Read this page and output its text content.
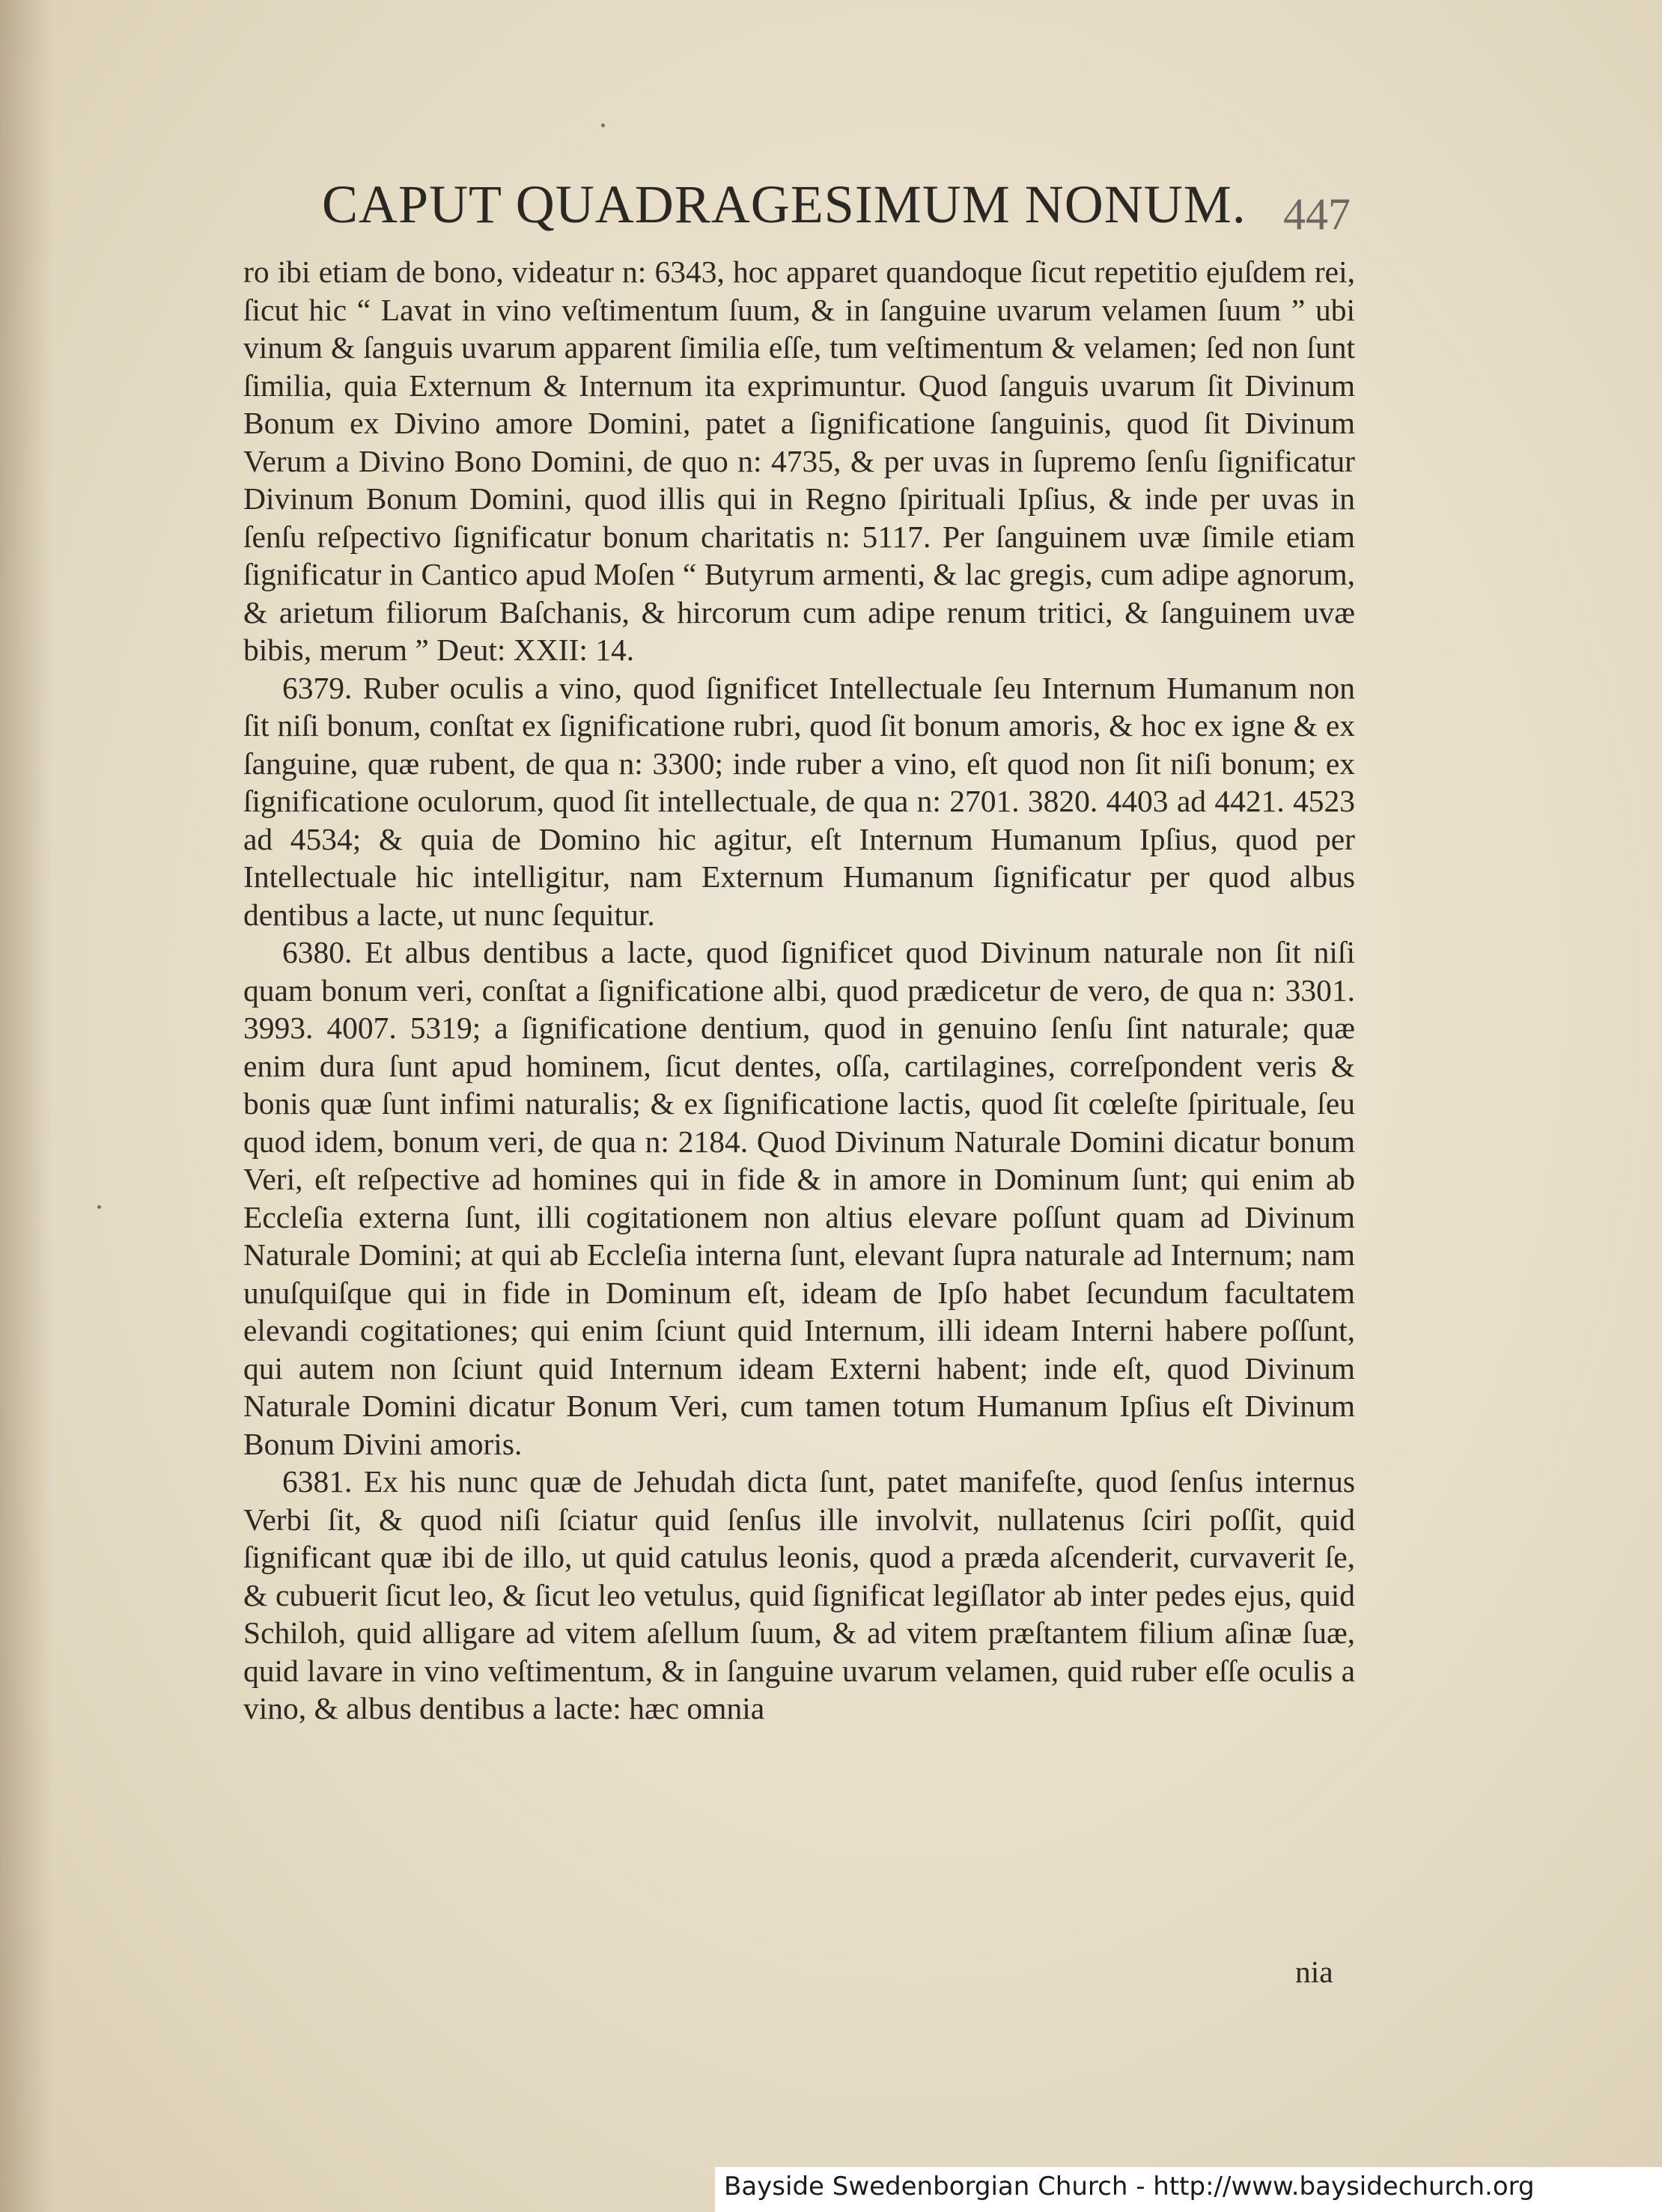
CAPUT QUADRAGESIMUM NONUM. 447

ro ibi etiam de bono, videatur n: 6343, hoc apparet quandoque ſicut repetitio ejuſdem rei, ſicut hic “ Lavat in vino veſtimentum ſuum, & in ſanguine uvarum velamen ſuum ” ubi vinum & ſanguis uvarum apparent ſimilia eſſe, tum veſtimentum & velamen; ſed non ſunt ſimilia, quia Externum & Internum ita exprimuntur. Quod ſanguis uvarum ſit Divinum Bonum ex Divino amore Domini, patet a ſignificatione ſanguinis, quod ſit Divinum Verum a Divino Bono Domini, de quo n: 4735, & per uvas in ſupremo ſenſu ſignificatur Divinum Bonum Domini, quod illis qui in Regno ſpirituali Ipſius, & inde per uvas in ſenſu reſpectivo ſignificatur bonum charitatis n: 5117. Per ſanguinem uvæ ſimile etiam ſignificatur in Cantico apud Moſen “ Butyrum armenti, & lac gregis, cum adipe agnorum, & arietum filiorum Baſchanis, & hircorum cum adipe renum tritici, & ſanguinem uvæ bibis, merum ” Deut: XXII: 14.

6379. Ruber oculis a vino, quod ſignificet Intellectuale ſeu Internum Humanum non ſit niſi bonum, conſtat ex ſignificatione rubri, quod ſit bonum amoris, & hoc ex igne & ex ſanguine, quæ rubent, de qua n: 3300; inde ruber a vino, eſt quod non ſit niſi bonum; ex ſignificatione oculorum, quod ſit intellectuale, de qua n: 2701. 3820. 4403 ad 4421. 4523 ad 4534; & quia de Domino hic agitur, eſt Internum Humanum Ipſius, quod per Intellectuale hic intelligitur, nam Externum Humanum ſignificatur per quod albus dentibus a lacte, ut nunc ſequitur.

6380. Et albus dentibus a lacte, quod ſignificet quod Divinum naturale non ſit niſi quam bonum veri, conſtat a ſignificatione albi, quod prædicetur de vero, de qua n: 3301. 3993. 4007. 5319; a ſignificatione dentium, quod in genuino ſenſu ſint naturale; quæ enim dura ſunt apud hominem, ſicut dentes, oſſa, cartilagines, correſpondent veris & bonis quæ ſunt infimi naturalis; & ex ſignificatione lactis, quod ſit cœleſte ſpirituale, ſeu quod idem, bonum veri, de qua n: 2184. Quod Divinum Naturale Domini dicatur bonum Veri, eſt reſpective ad homines qui in fide & in amore in Dominum ſunt; qui enim ab Eccleſia externa ſunt, illi cogitationem non altius elevare poſſunt quam ad Divinum Naturale Domini; at qui ab Eccleſia interna ſunt, elevant ſupra naturale ad Internum; nam unuſquiſque qui in fide in Dominum eſt, ideam de Ipſo habet ſecundum facultatem elevandi cogitationes; qui enim ſciunt quid Internum, illi ideam Interni habere poſſunt, qui autem non ſciunt quid Internum ideam Externi habent; inde eſt, quod Divinum Naturale Domini dicatur Bonum Veri, cum tamen totum Humanum Ipſius eſt Divinum Bonum Divini amoris.

6381. Ex his nunc quæ de Jehudah dicta ſunt, patet manifeſte, quod ſenſus internus Verbi ſit, & quod niſi ſciatur quid ſenſus ille involvit, nullatenus ſciri poſſit, quid ſignificant quæ ibi de illo, ut quid catulus leonis, quod a præda aſcenderit, curvaverit ſe, & cubuerit ſicut leo, & ſicut leo vetulus, quid ſignificat legiſlator ab inter pedes ejus, quid Schiloh, quid alligare ad vitem aſellum ſuum, & ad vitem præſtantem filium aſinæ ſuæ, quid lavare in vino veſtimentum, & in ſanguine uvarum velamen, quid ruber eſſe oculis a vino, & albus dentibus a lacte: hæc omnia

nia
Bayside Swedenborgian Church - http://www.baysidechurch.org
